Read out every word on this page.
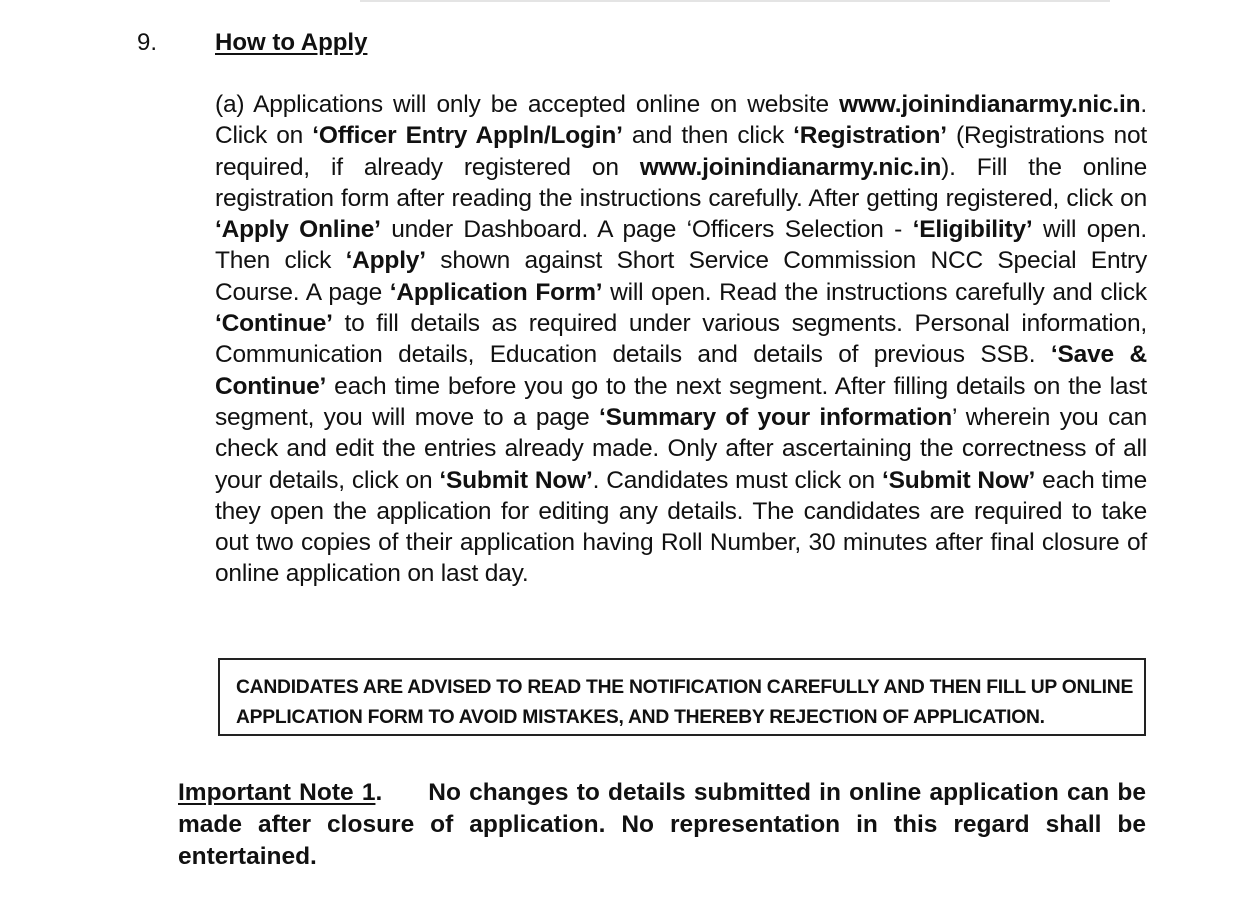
9. How to Apply
(a) Applications will only be accepted online on website www.joinindianarmy.nic.in. Click on ‘Officer Entry Appln/Login’ and then click ‘Registration’ (Registrations not required, if already registered on www.joinindianarmy.nic.in). Fill the online registration form after reading the instructions carefully. After getting registered, click on ‘Apply Online’ under Dashboard. A page ‘Officers Selection - ‘Eligibility’ will open. Then click ‘Apply’ shown against Short Service Commission NCC Special Entry Course. A page ‘Application Form’ will open. Read the instructions carefully and click ‘Continue’ to fill details as required under various segments. Personal information, Communication details, Education details and details of previous SSB. ‘Save & Continue’ each time before you go to the next segment. After filling details on the last segment, you will move to a page ‘Summary of your information’ wherein you can check and edit the entries already made. Only after ascertaining the correctness of all your details, click on ‘Submit Now’. Candidates must click on ‘Submit Now’ each time they open the application for editing any details. The candidates are required to take out two copies of their application having Roll Number, 30 minutes after final closure of online application on last day.
CANDIDATES ARE ADVISED TO READ THE NOTIFICATION CAREFULLY AND THEN FILL UP ONLINE
APPLICATION FORM TO AVOID MISTAKES, AND THEREBY REJECTION OF APPLICATION.
Important Note 1. No changes to details submitted in online application can be made after closure of application. No representation in this regard shall be entertained.
